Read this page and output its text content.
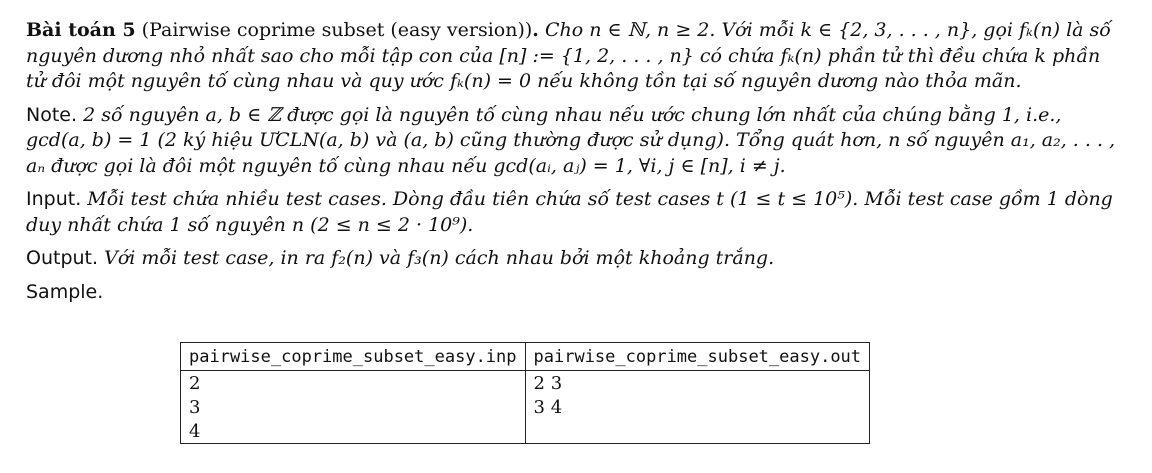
Bài toán 5 (Pairwise coprime subset (easy version)). Cho n ∈ ℕ, n ≥ 2. Với mỗi k ∈ {2, 3, . . . , n}, gọi fₖ(n) là số nguyên dương nhỏ nhất sao cho mỗi tập con của [n] := {1, 2, . . . , n} có chứa fₖ(n) phần tử thì đều chứa k phần tử đôi một nguyên tố cùng nhau và quy ước fₖ(n) = 0 nếu không tồn tại số nguyên dương nào thỏa mãn.

Note. 2 số nguyên a, b ∈ ℤ được gọi là nguyên tố cùng nhau nếu ước chung lớn nhất của chúng bằng 1, i.e., gcd(a, b) = 1 (2 ký hiệu ƯCLN(a, b) và (a, b) cũng thường được sử dụng). Tổng quát hơn, n số nguyên a₁, a₂, . . . , aₙ được gọi là đôi một nguyên tố cùng nhau nếu gcd(aᵢ, aⱼ) = 1, ∀i, j ∈ [n], i ≠ j.

Input. Mỗi test chứa nhiều test cases. Dòng đầu tiên chứa số test cases t (1 ≤ t ≤ 10⁵). Mỗi test case gồm 1 dòng duy nhất chứa 1 số nguyên n (2 ≤ n ≤ 2 · 10⁹).

Output. Với mỗi test case, in ra f₂(n) và f₃(n) cách nhau bởi một khoảng trắng.

Sample.

pairwise_coprime_subset_easy.inp	pairwise_coprime_subset_easy.out
2	2 3
3	3 4
4	
